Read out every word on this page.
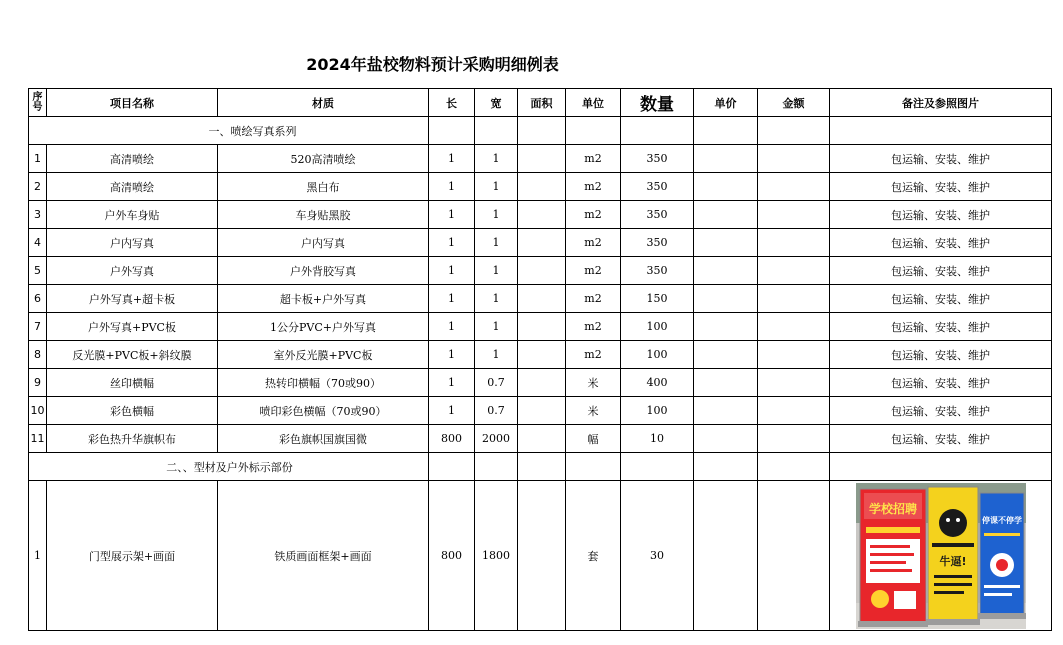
2024年盐校物料预计采购明细例表
序号	项目名称	材质	长	宽	面积	单位	数量	单价	金额	备注及参照图片
一、喷绘写真系列										
1	高清喷绘	520高清喷绘	1	1		m2	350			包运输、安装、维护
2	高清喷绘	黑白布	1	1		m2	350			包运输、安装、维护
3	户外车身贴	车身贴黑胶	1	1		m2	350			包运输、安装、维护
4	户内写真	户内写真	1	1		m2	350			包运输、安装、维护
5	户外写真	户外背胶写真	1	1		m2	350			包运输、安装、维护
6	户外写真+超卡板	超卡板+户外写真	1	1		m2	150			包运输、安装、维护
7	户外写真+PVC板	1公分PVC+户外写真	1	1		m2	100			包运输、安装、维护
8	反光膜+PVC板+斜纹膜	室外反光膜+PVC板	1	1		m2	100			包运输、安装、维护
9	丝印横幅	热转印横幅（70或90）	1	0.7		米	400			包运输、安装、维护
10	彩色横幅	喷印彩色横幅（70或90）	1	0.7		米	100			包运输、安装、维护
11	彩色热升华旗帜布	彩色旗帜国旗国微	800	2000		幅	10			包运输、安装、维护
二、、型材及户外标示部份										
1	门型展示架+画面	铁质画面框架+画面	800	1800		套	30			学校招聘
牛逼!
停课不停学
